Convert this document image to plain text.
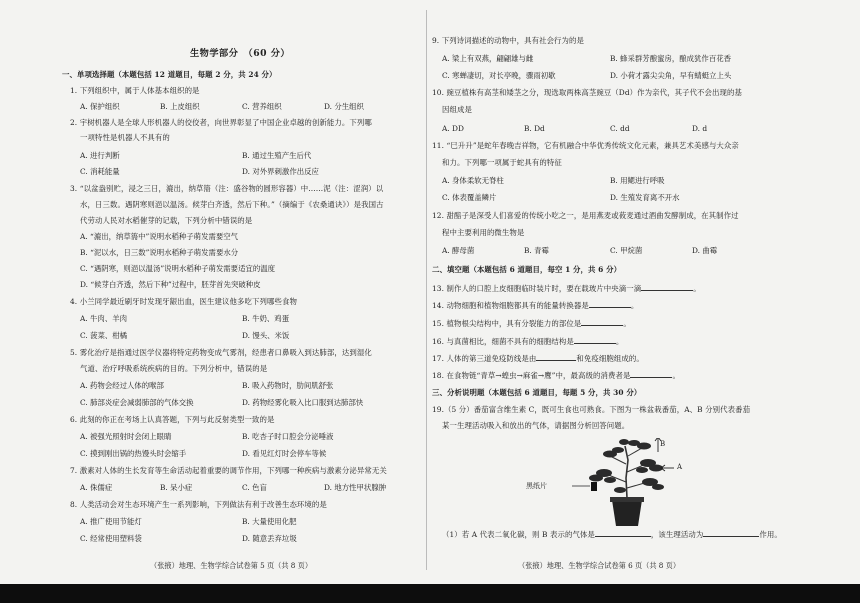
生物学部分　（60 分）
一、单项选择题（本题包括 12 道题目，每题 2 分，共 24 分）
1. 下列组织中，属于人体基本组织的是
A. 保护组织	B. 上皮组织	C. 营养组织	D. 分生组织
2. 宇树机器人是全球人形机器人的佼佼者，向世界彰显了中国企业卓越的创新能力。下列哪
一项特性是机器人不具有的
A. 进行判断	B. 通过生殖产生后代
C. 消耗能量	D. 对外界刺激作出反应
3. “以盆盎别贮，浸之三日，漉出，纳草篅（注：盛谷物的圆形容器）中……泥（注：涩润）以
水，日三数。遇阴寒则浥以温汤。候芽白齐透，然后下种。”（摘编于《农桑通诀》）是我国古
代劳动人民对水稻催芽的记载，下列分析中错误的是
A. “漉出，纳草篅中”说明水稻种子萌发需要空气
B. “泥以水，日三数”说明水稻种子萌发需要水分
C. “遇阴寒，则浥以温汤”说明水稻种子萌发需要适宜的温度
D. “候芽白齐透，然后下种”过程中，胚芽首先突破种皮
4. 小兰同学最近刷牙时发现牙龈出血，医生建议他多吃下列哪些食物
A. 牛肉、羊肉	B. 牛奶、鸡蛋
C. 菠菜、柑橘	D. 馒头、米饭
5. 雾化治疗是指通过医学仪器将特定药物变成气雾剂，经患者口鼻吸入到达肺部，达到湿化
气道、治疗呼吸系统疾病的目的。下列分析中，错误的是
A. 药物会经过人体的喉部	B. 吸入药物时，肋间肌舒张
C. 肺部炎症会减弱肺部的气体交换	D. 药物经雾化吸入比口服到达肺部快
6. 此刻的你正在考场上认真答题，下列与此反射类型一致的是
A. 被强光照射时会闭上眼睛	B. 吃杏子时口腔会分泌唾液
C. 摸到刚出锅的热馒头时会缩手	D. 看见红灯时会停车等候
7. 激素对人体的生长发育等生命活动起着重要的调节作用，下列哪一种疾病与激素分泌异常无关
A. 侏儒症	B. 呆小症	C. 色盲	D. 地方性甲状腺肿
8. 人类活动会对生态环境产生一系列影响，下列做法有利于改善生态环境的是
A. 推广使用节能灯	B. 大量使用化肥
C. 经常使用塑料袋	D. 随意丢弃垃圾
（张掖）地理、生物学综合试卷第 5 页（共 8 页）
9. 下列诗词描述的动物中，具有社会行为的是
A. 梁上有双燕，翩翩雄与雌	B. 蜂采群芳酿蜜房，酿成犹作百花香
C. 寒蝉凄切，对长亭晚，骤雨初歇	D. 小荷才露尖尖角，早有蜻蜓立上头
10. 豌豆植株有高茎和矮茎之分，现选取两株高茎豌豆（Dd）作为亲代，其子代不会出现的基
因组成是
A. DD	B. Dd	C. dd	D. d
11. “巳升升”是蛇年春晚吉祥物，它有机融合中华优秀传统文化元素，兼具艺术美感与大众亲
和力。下列哪一项属于蛇具有的特征
A. 身体柔软无脊柱	B. 用鳃进行呼吸
C. 体表覆盖鳞片	D. 生殖发育离不开水
12. 甜醅子是深受人们喜爱的传统小吃之一，是用燕麦或莜麦通过酒曲发酵制成，在其制作过
程中主要利用的微生物是
A. 酵母菌	B. 青霉	C. 甲烷菌	D. 曲霉
二、填空题（本题包括 6 道题目，每空 1 分，共 6 分）
13. 制作人的口腔上皮细胞临时装片时，要在载玻片中央滴一滴	。
14. 动物细胞和植物细胞都具有的能量转换器是	。
15. 植物根尖结构中，具有分裂能力的部位是	。
16. 与真菌相比，细菌不具有的细胞结构是	。
17. 人体的第三道免疫防线是由	和免疫细胞组成的。
18. 在食物链“青草→蝗虫→麻雀→鹰”中，最高级的消费者是	。
三、分析说明题（本题包括 6 道题目，每题 5 分，共 30 分）
19.（5 分）番茄富含维生素 C，既可生食也可熟食。下图为一株盆栽番茄，A、B 分别代表番茄
某一生理活动吸入和放出的气体，请据图分析回答问题。
（1）若 A 代表二氧化碳，则 B 表示的气体是	，该生理活动为	作用。
（张掖）地理、生物学综合试卷第 6 页（共 8 页）
B
A
黑纸片
